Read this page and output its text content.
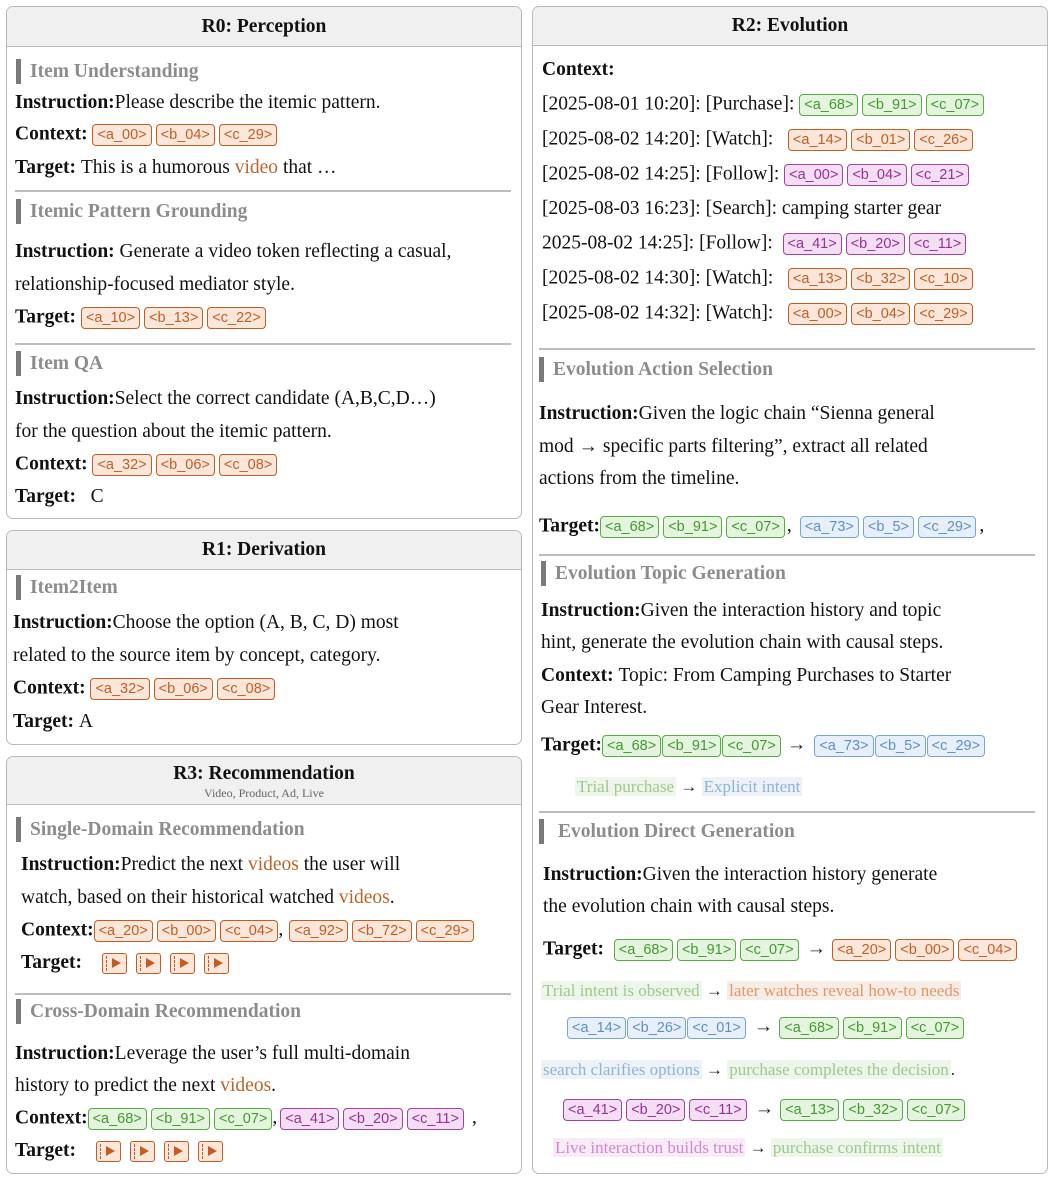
R0: Perception
Item Understanding
Instruction:Please describe the itemic pattern.
Context: <a_00> <b_04> <c_29>
Target: This is a humorous video that …
Itemic Pattern Grounding
Instruction: Generate a video token reflecting a casual,
relationship-focused mediator style.
Target: <a_10> <b_13> <c_22>
Item QA
Instruction:Select the correct candidate (A,B,C,D…)
for the question about the itemic pattern.
Context: <a_32> <b_06> <c_08>
Target: C
R1: Derivation
Item2Item
Instruction:Choose the option (A, B, C, D) most
related to the source item by concept, category.
Context: <a_32> <b_06> <c_08>
Target: A
R3: Recommendation
Video, Product, Ad, Live
Single-Domain Recommendation
Instruction:Predict the next videos the user will
watch, based on their historical watched videos.
Context: <a_20> <b_00> <c_04> , <a_92> <b_72> <c_29>
Target:
Cross-Domain Recommendation
Instruction:Leverage the user’s full multi-domain
history to predict the next videos.
Context: <a_68> <b_91> <c_07> , <a_41> <b_20> <c_11> ,
Target:
R2: Evolution
Context:
[2025-08-01 10:20]: [Purchase]: <a_68> <b_91> <c_07>
[2025-08-02 14:20]: [Watch]: <a_14> <b_01> <c_26>
[2025-08-02 14:25]: [Follow]: <a_00> <b_04> <c_21>
[2025-08-03 16:23]: [Search]: camping starter gear
2025-08-02 14:25]: [Follow]: <a_41> <b_20> <c_11>
[2025-08-02 14:30]: [Watch]: <a_13> <b_32> <c_10>
[2025-08-02 14:32]: [Watch]: <a_00> <b_04> <c_29>
Evolution Action Selection
Instruction:Given the logic chain “Sienna general
mod → specific parts filtering”, extract all related
actions from the timeline.
Target: <a_68> <b_91> <c_07> , <a_73> <b_5> <c_29> ,
Evolution Topic Generation
Instruction:Given the interaction history and topic
hint, generate the evolution chain with causal steps.
Context: Topic: From Camping Purchases to Starter
Gear Interest.
Target: <a_68> <b_91> <c_07> → <a_73> <b_5> <c_29>
Trial purchase → Explicit intent
Evolution Direct Generation
Instruction:Given the interaction history generate
the evolution chain with causal steps.
Target: <a_68> <b_91> <c_07> → <a_20> <b_00> <c_04>
Trial intent is observed → later watches reveal how-to needs
<a_14> <b_26> <c_01> → <a_68> <b_91> <c_07>
search clarifies options → purchase completes the decision .
<a_41> <b_20> <c_11> → <a_13> <b_32> <c_07>
Live interaction builds trust → purchase confirms intent
